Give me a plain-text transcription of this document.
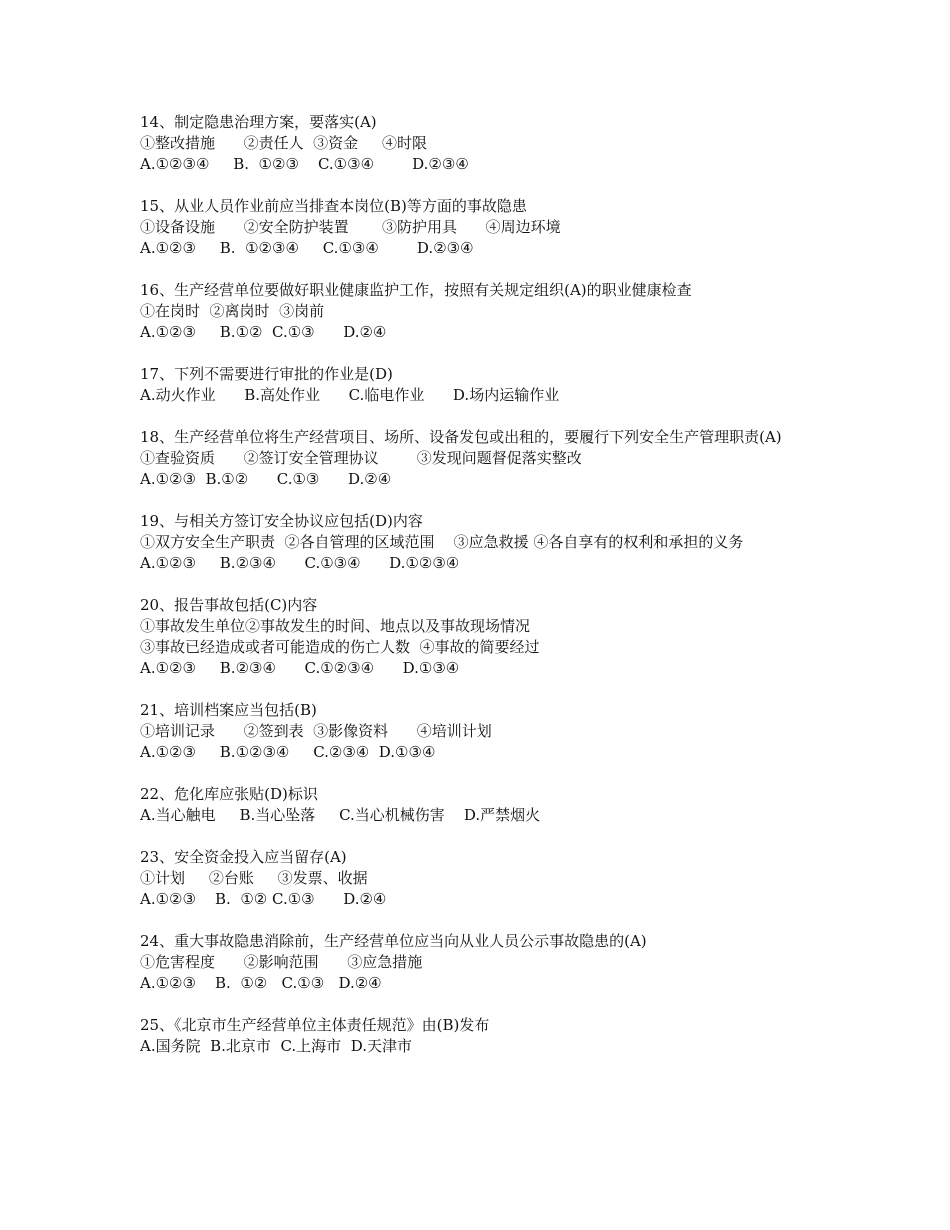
14、制定隐患治理方案，要落实(A)
①整改措施      ②责任人  ③资金     ④时限
A.①②③④     B.  ①②③    C.①③④        D.②③④
15、从业人员作业前应当排查本岗位(B)等方面的事故隐患
①设备设施      ②安全防护装置       ③防护用具      ④周边环境
A.①②③     B.  ①②③④     C.①③④        D.②③④
16、生产经营单位要做好职业健康监护工作，按照有关规定组织(A)的职业健康检查
①在岗时  ②离岗时  ③岗前
A.①②③     B.①②  C.①③      D.②④
17、下列不需要进行审批的作业是(D)
A.动火作业      B.高处作业      C.临电作业      D.场内运输作业
18、生产经营单位将生产经营项目、场所、设备发包或出租的，要履行下列安全生产管理职责(A)
①查验资质      ②签订安全管理协议        ③发现问题督促落实整改
A.①②③  B.①②      C.①③      D.②④
19、与相关方签订安全协议应包括(D)内容
①双方安全生产职责  ②各自管理的区域范围    ③应急救援 ④各自享有的权利和承担的义务
A.①②③     B.②③④      C.①③④      D.①②③④
20、报告事故包括(C)内容
①事故发生单位②事故发生的时间、地点以及事故现场情况
③事故已经造成或者可能造成的伤亡人数  ④事故的简要经过
A.①②③     B.②③④      C.①②③④      D.①③④
21、培训档案应当包括(B)
①培训记录      ②签到表  ③影像资料      ④培训计划
A.①②③     B.①②③④     C.②③④  D.①③④
22、危化库应张贴(D)标识
A.当心触电     B.当心坠落     C.当心机械伤害    D.严禁烟火
23、安全资金投入应当留存(A)
①计划     ②台账     ③发票、收据
A.①②③    B.  ①② C.①③      D.②④
24、重大事故隐患消除前，生产经营单位应当向从业人员公示事故隐患的(A)
①危害程度      ②影响范围      ③应急措施
A.①②③    B.  ①②   C.①③   D.②④
25、《北京市生产经营单位主体责任规范》由(B)发布
A.国务院  B.北京市  C.上海市  D.天津市
